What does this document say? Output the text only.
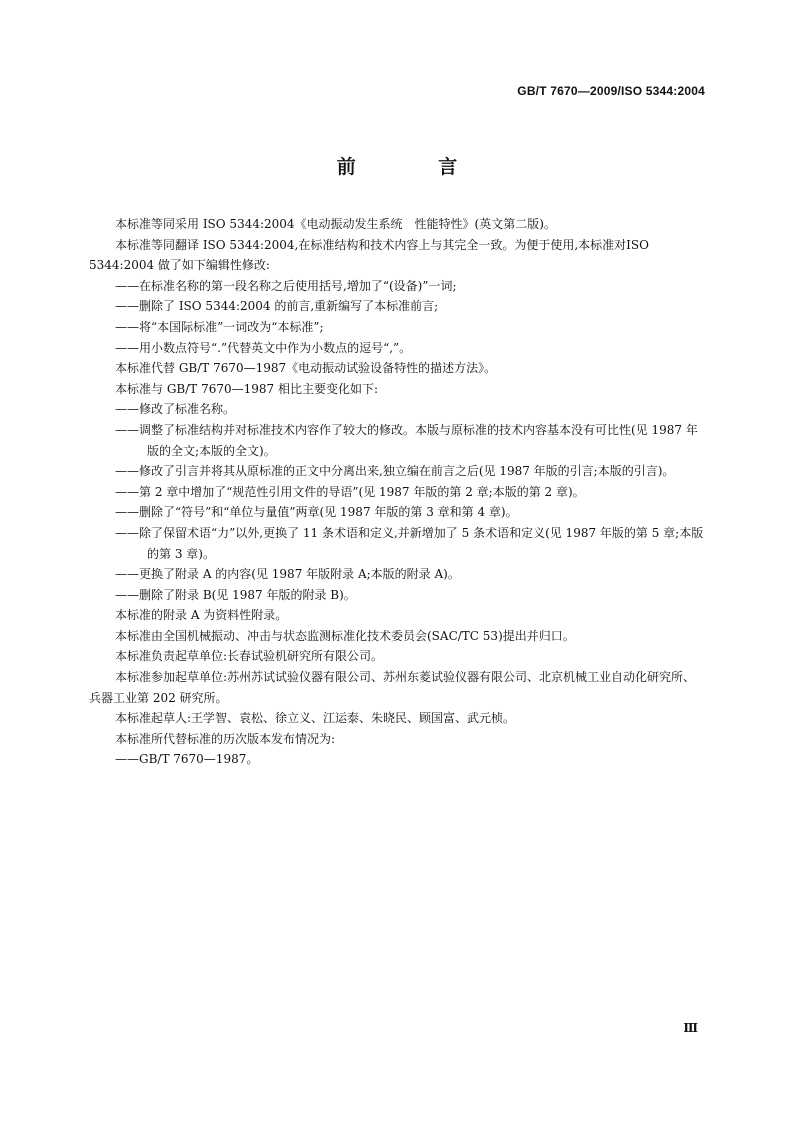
GB/T 7670—2009/ISO 5344:2004
前 言
本标准等同采用 ISO 5344:2004《电动振动发生系统　性能特性》(英文第二版)。
本标准等同翻译 ISO 5344:2004,在标准结构和技术内容上与其完全一致。为便于使用,本标准对ISO 5344:2004 做了如下编辑性修改:
——在标准名称的第一段名称之后使用括号,增加了“(设备)”一词;
——删除了 ISO 5344:2004 的前言,重新编写了本标准前言;
——将“本国际标准”一词改为“本标准”;
——用小数点符号“.”代替英文中作为小数点的逗号“,”。
本标准代替 GB/T 7670—1987《电动振动试验设备特性的描述方法》。
本标准与 GB/T 7670—1987 相比主要变化如下:
——修改了标准名称。
——调整了标准结构并对标准技术内容作了较大的修改。本版与原标准的技术内容基本没有可比性(见 1987 年版的全文;本版的全文)。
——修改了引言并将其从原标准的正文中分离出来,独立编在前言之后(见 1987 年版的引言;本版的引言)。
——第 2 章中增加了“规范性引用文件的导语”(见 1987 年版的第 2 章;本版的第 2 章)。
——删除了“符号”和“单位与量值”两章(见 1987 年版的第 3 章和第 4 章)。
——除了保留术语“力”以外,更换了 11 条术语和定义,并新增加了 5 条术语和定义(见 1987 年版的第 5 章;本版的第 3 章)。
——更换了附录 A 的内容(见 1987 年版附录 A;本版的附录 A)。
——删除了附录 B(见 1987 年版的附录 B)。
本标准的附录 A 为资料性附录。
本标准由全国机械振动、冲击与状态监测标准化技术委员会(SAC/TC 53)提出并归口。
本标准负责起草单位:长春试验机研究所有限公司。
本标准参加起草单位:苏州苏试试验仪器有限公司、苏州东菱试验仪器有限公司、北京机械工业自动化研究所、兵器工业第 202 研究所。
本标准起草人:王学智、袁松、徐立义、江运泰、朱晓民、顾国富、武元桢。
本标准所代替标准的历次版本发布情况为:
——GB/T 7670—1987。
Ⅲ
